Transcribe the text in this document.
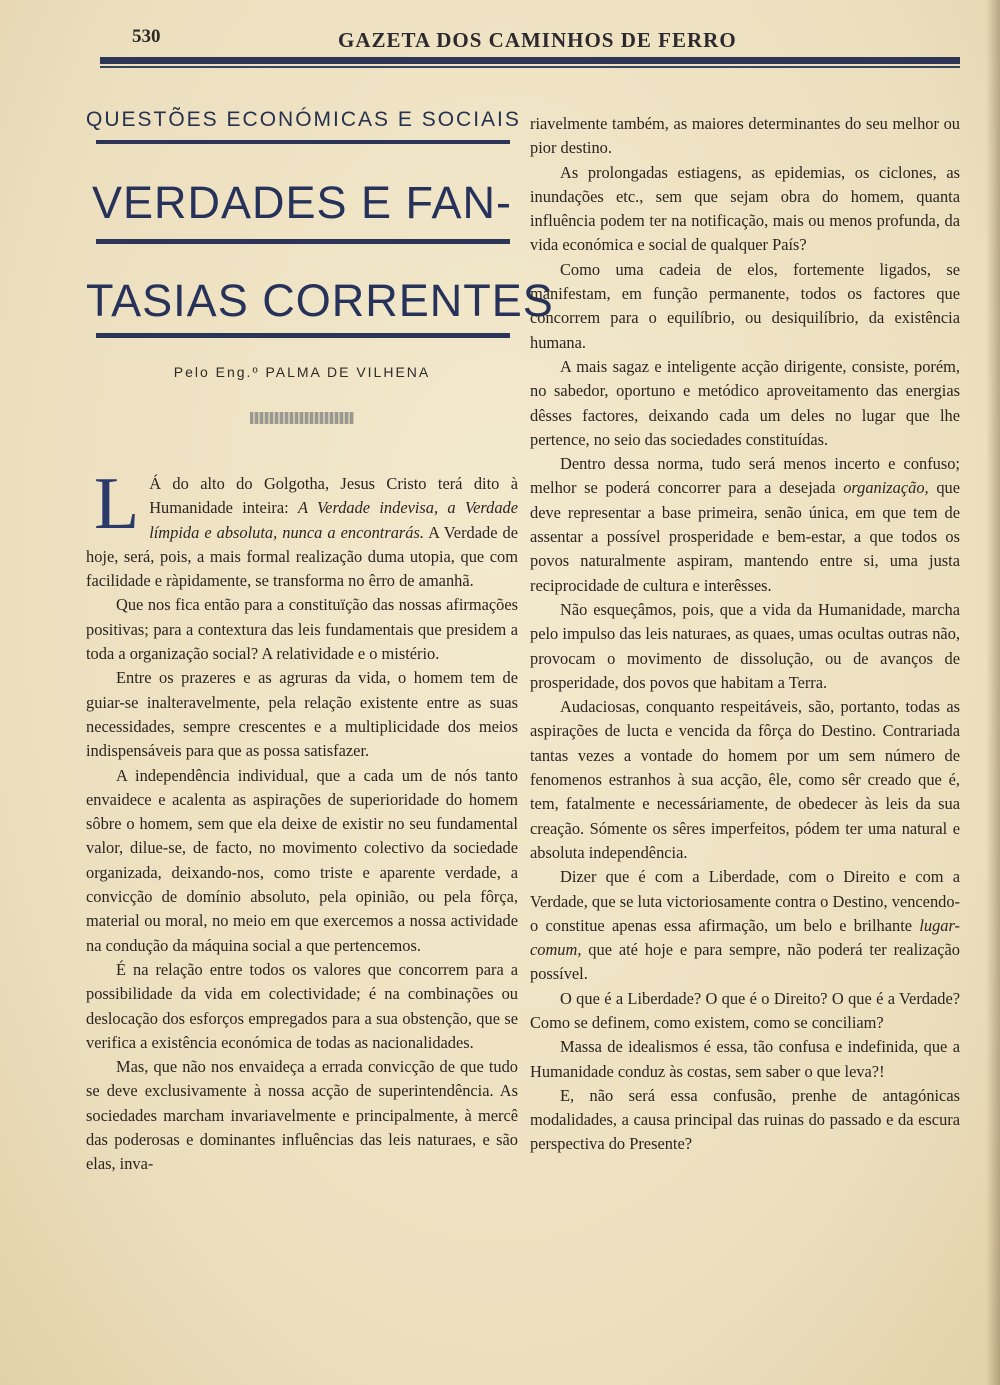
530	GAZETA DOS CAMINHOS DE FERRO
QUESTÕES ECONÓMICAS E SOCIAIS
VERDADES E FAN-
TASIAS CORRENTES
Pelo Eng.º PALMA DE VILHENA

L Á do alto do Golgotha, Jesus Cristo terá dito à Humanidade inteira: A Verdade indevisa, a Verdade límpida e absoluta, nunca a encontrarás. A Verdade de hoje, será, pois, a mais formal realização duma utopia, que com facilidade e ràpidamente, se transforma no êrro de amanhã.

Que nos fica então para a constituïção das nossas afirmações positivas; para a contextura das leis fundamentais que presidem a toda a organização social? A relatividade e o mistério.

Entre os prazeres e as agruras da vida, o homem tem de guiar-se inalteravelmente, pela relação existente entre as suas necessidades, sempre crescentes e a multiplicidade dos meios indispensáveis para que as possa satisfazer.

A independência individual, que a cada um de nós tanto envaidece e acalenta as aspirações de superioridade do homem sôbre o homem, sem que ela deixe de existir no seu fundamental valor, dilue-se, de facto, no movimento colectivo da sociedade organizada, deixando-nos, como triste e aparente verdade, a convicção de domínio absoluto, pela opinião, ou pela fôrça, material ou moral, no meio em que exercemos a nossa actividade na condução da máquina social a que pertencemos.

É na relação entre todos os valores que concorrem para a possibilidade da vida em colectividade; é na combinações ou deslocação dos esforços empregados para a sua obstenção, que se verifica a existência económica de todas as nacionalidades.

Mas, que não nos envaideça a errada convicção de que tudo se deve exclusivamente à nossa acção de superintendência. As sociedades marcham invariavelmente e principalmente, à mercê das poderosas e dominantes influências das leis naturaes, e são elas, inva-

riavelmente também, as maiores determinantes do seu melhor ou pior destino.

As prolongadas estiagens, as epidemias, os ciclones, as inundações etc., sem que sejam obra do homem, quanta influência podem ter na notificação, mais ou menos profunda, da vida económica e social de qualquer País?

Como uma cadeia de elos, fortemente ligados, se manifestam, em função permanente, todos os factores que concorrem para o equilíbrio, ou desiquilíbrio, da existência humana.

A mais sagaz e inteligente acção dirigente, consiste, porém, no sabedor, oportuno e metódico aproveitamento das energias dêsses factores, deixando cada um deles no lugar que lhe pertence, no seio das sociedades constituídas.

Dentro dessa norma, tudo será menos incerto e confuso; melhor se poderá concorrer para a desejada organização, que deve representar a base primeira, senão única, em que tem de assentar a possível prosperidade e bem-estar, a que todos os povos naturalmente aspiram, mantendo entre si, uma justa reciprocidade de cultura e interêsses.

Não esqueçâmos, pois, que a vida da Humanidade, marcha pelo impulso das leis naturaes, as quaes, umas ocultas outras não, provocam o movimento de dissolução, ou de avanços de prosperidade, dos povos que habitam a Terra.

Audaciosas, conquanto respeitáveis, são, portanto, todas as aspirações de lucta e vencida da fôrça do Destino. Contrariada tantas vezes a vontade do homem por um sem número de fenomenos estranhos à sua acção, êle, como sêr creado que é, tem, fatalmente e necessáriamente, de obedecer às leis da sua creação. Sómente os sêres imperfeitos, pódem ter uma natural e absoluta independência.

Dizer que é com a Liberdade, com o Direito e com a Verdade, que se luta victoriosamente contra o Destino, vencendo-o constitue apenas essa afirmação, um belo e brilhante lugar-comum, que até hoje e para sempre, não poderá ter realização possível.

O que é a Liberdade? O que é o Direito? O que é a Verdade? Como se definem, como existem, como se conciliam?

Massa de idealismos é essa, tão confusa e indefinida, que a Humanidade conduz às costas, sem saber o que leva?!

E, não será essa confusão, prenhe de antagónicas modalidades, a causa principal das ruinas do passado e da escura perspectiva do Presente?
